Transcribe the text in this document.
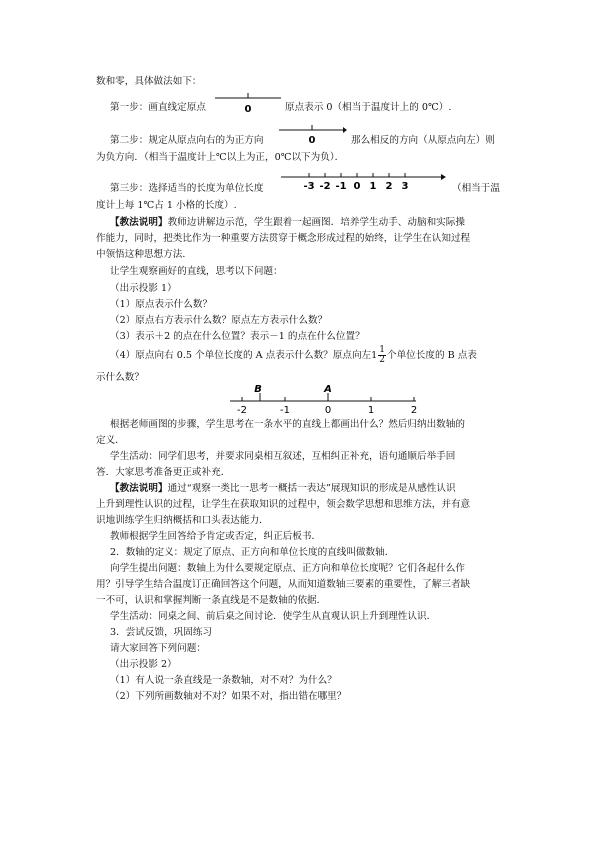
数和零，具体做法如下：
第一步：画直线定原点	0	原点表示 0（相当于温度计上的 0℃）.
第二步：规定从原点向右的为正方向	0	那么相反的方向（从原点向左）则
为负方向．（相当于温度计上℃以上为正，0℃以下为负）．
第三步：选择适当的长度为单位长度	-3 -2 -1 0 1 2 3	（相当于温
度计上每 1℃占 1 小格的长度）.
【教法说明】教师边讲解边示范，学生跟着一起画图．培养学生动手、动脑和实际操
作能力，同时，把类比作为一种重要方法贯穿于概念形成过程的始终，让学生在认知过程
中领悟这种思想方法．
让学生观察画好的直线，思考以下问题：
（出示投影 1）
（1）原点表示什么数？
（2）原点右方表示什么数？原点左方表示什么数？
（3）表示＋2 的点在什么位置？表示－1 的点在什么位置？
（4）原点向右 0.5 个单位长度的 A 点表示什么数？原点向左$1 \frac{1}{2}$ 个单位长度的 B 点表
示什么数？
-2	-1	0	1	2
B	A
根据老师画图的步骤，学生思考在一条水平的直线上都画出什么？然后归纳出数轴的
定义．
学生活动：同学们思考，并要求同桌相互叙述，互相纠正补充，语句通顺后举手回
答．大家思考准备更正或补充．
【教法说明】通过“观察一类比一思考一概括一表达”展现知识的形成是从感性认识
上升到理性认识的过程，让学生在获取知识的过程中，领会数学思想和思维方法，并有意
识地训练学生归纳概括和口头表达能力．
教师根据学生回答给予肯定或否定，纠正后板书．
2．数轴的定义：规定了原点、正方向和单位长度的直线叫做数轴．
向学生提出问题：数轴上为什么要规定原点、正方向和单位长度呢？它们各起什么作
用？引导学生结合温度订正确回答这个问题，从而知道数轴三要素的重要性，了解三者缺
一不可，认识和掌握判断一条直线是不是数轴的依据．
学生活动：同桌之间、前后桌之间讨论．使学生从直观认识上升到理性认识．
3．尝试反馈，巩固练习
请大家回答下列问题：
（出示投影 2）
（1）有人说一条直线是一条数轴，对不对？为什么？
（2）下列所画数轴对不对？如果不对，指出错在哪里？
